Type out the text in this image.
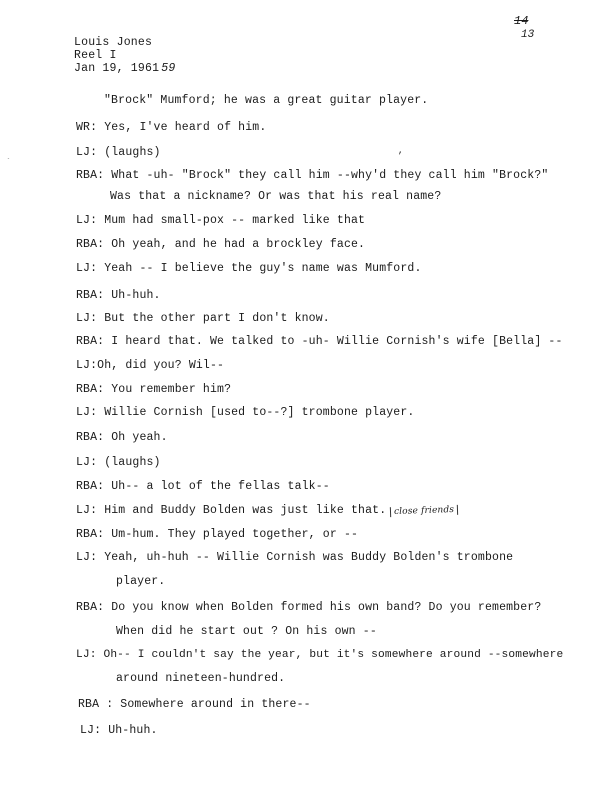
Louis Jones
Reel I
Jan 19, 1961 59
14
13
,
`
"Brock" Mumford; he was a great guitar player.
WR: Yes, I've heard of him.
LJ: (laughs)
RBA: What -uh- "Brock" they call him --why'd they call him "Brock?"
Was that a nickname? Or was that his real name?
LJ: Mum had small-pox -- marked like that
RBA: Oh yeah, and he had a brockley face.
LJ: Yeah -- I believe the guy's name was Mumford.
RBA: Uh-huh.
LJ: But the other part I don't know.
RBA: I heard that. We talked to -uh- Willie Cornish's wife [Bella] --
LJ:Oh, did you? Wil--
RBA: You remember him?
LJ: Willie Cornish [used to--?] trombone player.
RBA: Oh yeah.
LJ: (laughs)
RBA: Uh-- a lot of the fellas talk--
LJ: Him and Buddy Bolden was just like that. close friends
RBA: Um-hum. They played together, or --
LJ: Yeah, uh-huh -- Willie Cornish was Buddy Bolden's trombone
player.
RBA: Do you know when Bolden formed his own band? Do you remember?
When did he start out ? On his own --
LJ: Oh-- I couldn't say the year, but it's somewhere around --somewhere
around nineteen-hundred.
RBA : Somewhere around in there--
LJ: Uh-huh.
